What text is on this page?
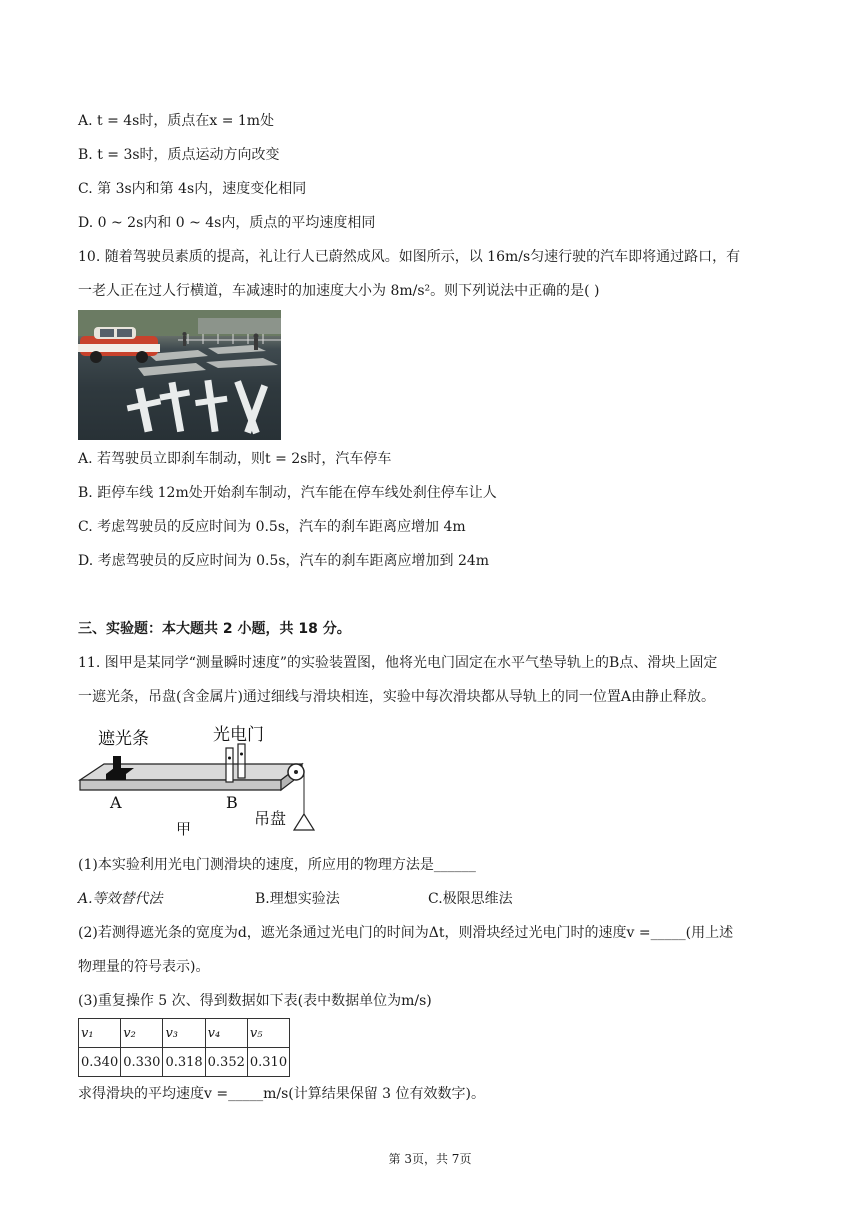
A. t = 4s时，质点在x = 1m处
B. t = 3s时，质点运动方向改变
C. 第 3s内和第 4s内，速度变化相同
D. 0 ~ 2s内和 0 ~ 4s内，质点的平均速度相同
10. 随着驾驶员素质的提高，礼让行人已蔚然成风。如图所示，以 16m/s匀速行驶的汽车即将通过路口，有
一老人正在过人行横道，车减速时的加速度大小为 8m/s²。则下列说法中正确的是( )
A. 若驾驶员立即刹车制动，则t = 2s时，汽车停车
B. 距停车线 12m处开始刹车制动，汽车能在停车线处刹住停车让人
C. 考虑驾驶员的反应时间为 0.5s，汽车的刹车距离应增加 4m
D. 考虑驾驶员的反应时间为 0.5s，汽车的刹车距离应增加到 24m
三、实验题：本大题共 2 小题，共 18 分。
11. 图甲是某同学“测量瞬时速度”的实验装置图，他将光电门固定在水平气垫导轨上的B点、滑块上固定
一遮光条，吊盘(含金属片)通过细线与滑块相连，实验中每次滑块都从导轨上的同一位置A由静止释放。
遮光条	光电门
A	B
吊盘
甲
(1)本实验利用光电门测滑块的速度，所应用的物理方法是______
A.等效替代法	B.理想实验法	C.极限思维法
(2)若测得遮光条的宽度为d，遮光条通过光电门的时间为Δt，则滑块经过光电门时的速度v =_____(用上述
物理量的符号表示)。
(3)重复操作 5 次、得到数据如下表(表中数据单位为m/s)
v₁	v₂	v₃	v₄	v₅
0.340	0.330	0.318	0.352	0.310
求得滑块的平均速度v =_____m/s(计算结果保留 3 位有效数字)。
第 3页，共 7页
